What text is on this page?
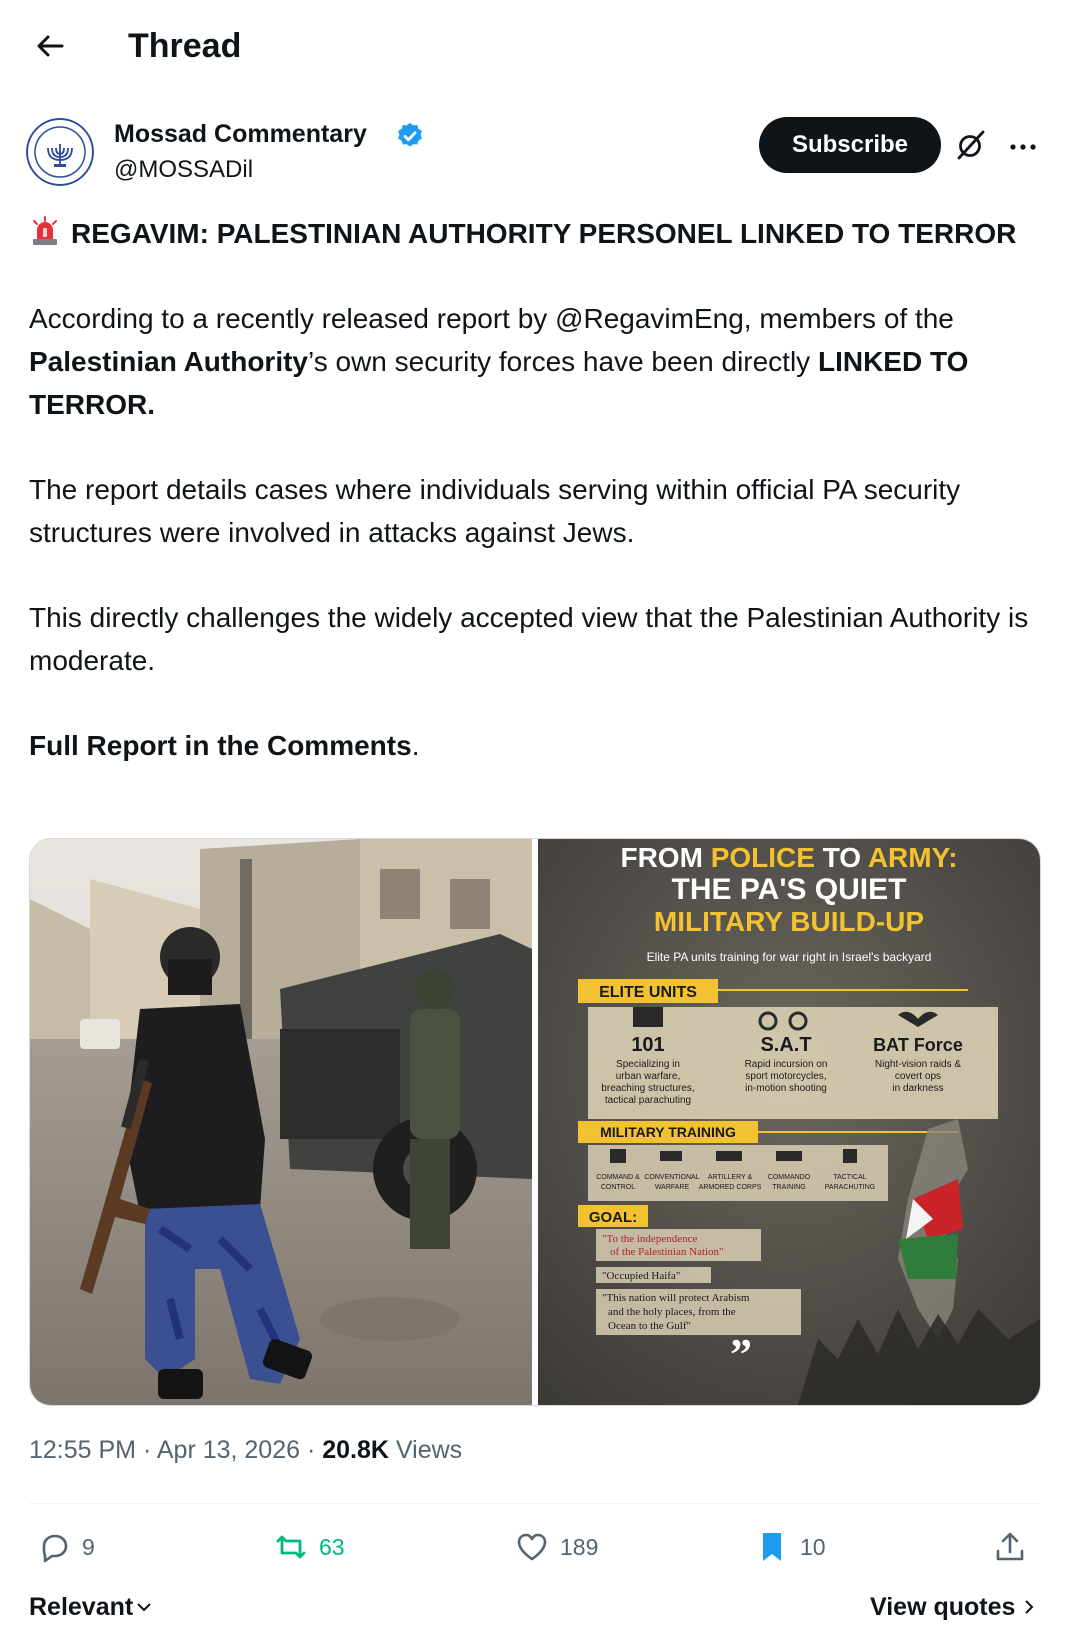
Thread
Mossad Commentary
@MOSSADil
Subscribe

REGAVIM: PALESTINIAN AUTHORITY PERSONEL LINKED TO TERROR

According to a recently released report by @RegavimEng, members of the Palestinian Authority’s own security forces have been directly LINKED TO TERROR.

The report details cases where individuals serving within official PA security structures were involved in attacks against Jews.

This directly challenges the widely accepted view that the Palestinian Authority is moderate.

Full Report in the Comments.

FROM POLICE TO ARMY:
THE PA'S QUIET
MILITARY BUILD-UP
Elite PA units training for war right in Israel's backyard
ELITE UNITS
101
Specializing in
urban warfare,
breaching structures,
tactical parachuting
S.A.T
Rapid incursion on
sport motorcycles,
in-motion shooting
BAT Force
Night-vision raids &
covert ops
in darkness
MILITARY TRAINING
COMMAND &
CONTROL
CONVENTIONAL
WARFARE
ARTILLERY &
ARMORED CORPS
COMMANDO
TRAINING
TACTICAL
PARACHUTING
GOAL:
"To the independence
of the Palestinian Nation"
"Occupied Haifa"
"This nation will protect Arabism
and the holy places, from the
Ocean to the Gulf"
”
12:55 PM · Apr 13, 2026 · 20.8K Views
9	63	189	10
Relevant	View quotes
